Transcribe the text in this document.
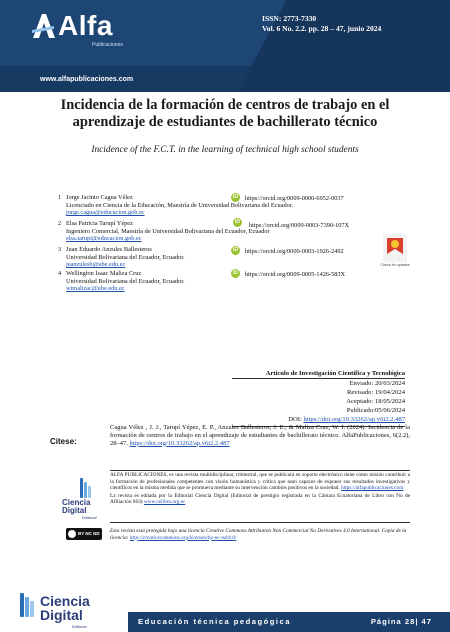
Alfa
Publicaciones
ISSN: 2773-7330
Vol. 6 No. 2.2. pp. 28 – 47, junio 2024
www.alfapublicaciones.com
Incidencia de la formación de centros de trabajo en el
aprendizaje de estudiantes de bachillerato técnico
Incidence of the F.C.T. in the learning of technical high school students
1 Jorge Jacinto Cagua Vélez
Licenciado en Ciencia de la Educación, Maestría de Universidad Bolivariana del Ecuador.
jorge.cagua@educacion.gob.ec
iD	https://orcid.org/0009-0000-6952-0037
2 Elsa Patricia Tarupí Yépez
Ingeniero Comercial, Maestría de Universidad Bolivariana del Ecuador, Ecuador
elsa.tarupi@educacion.gob.ec
iD	https://orcid.org/0009-0003-7390-107X
3 Juan Eduardo Anzules Ballesteros
Universidad Bolivariana del Ecuador, Ecuador.
jeanzulesb@ube.edu.ec
iD	https://orcid.org/0000-0003-1926-2492
4 Wellington Isaac Maliza Cruz
Universidad Bolivariana del Ecuador, Ecuador.
wimalizac@ube.edu.ec
iD	https://orcid.org/0009-0005-1426-583X
Check for updates
Artículo de Investigación Científica y Tecnológica
Enviado: 20/03/2024
Revisado: 19/04/2024
Aceptado: 18/05/2024
Publicado:05/06/2024
DOI: https://doi.org/10.33262/ap.v6i2.2.487
Cítese:
Cagua Vélez , J. J., Tarupí Yépez, E. P., Anzules Ballesteros, J. E., & Maliza Cruz, W. I. (2024). Incidencia de la formación de centros de trabajo en el aprendizaje de estudiantes de bachillerato técnico. AlfaPublicaciones, 6(2.2), 28–47. https://doi.org/10.33262/ap.v6i2.2.487
ALFA PUBLICACIONES, es una revista multidisciplinar, trimestral, que se publicará en soporte electrónico tiene como misión contribuir a la formación de profesionales competentes con visión humanística y crítica que sean capaces de exponer sus resultados investigativos y científicos en la misma medida que se promueva mediante su intervención cambios positivos en la sociedad. https://alfapublicaciones.com
La revista es editada por la Editorial Ciencia Digital (Editorial de prestigio registrada en la Cámara Ecuatoriana de Libro con No de Afiliación 663) www.celibro.org.ec
Ciencia
Digital
Editorial
BY NC ND Esta revista está protegida bajo una licencia Creative Commons Attribution Non Commercial No Derivatives 4.0 International. Copia de la licencia: http://creativecommons.org/licenses/by-nc-nd/4.0/
Ciencia
Digital
Editorial
Educación técnica pedagógica	Página 28| 47
